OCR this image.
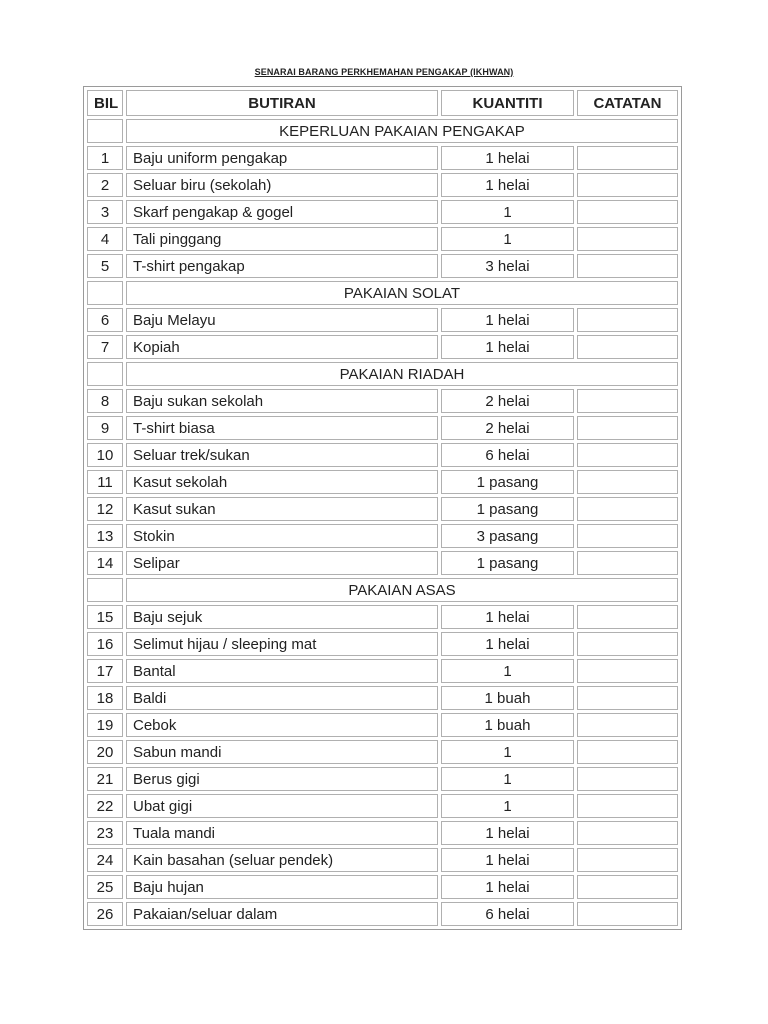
SENARAI BARANG PERKHEMAHAN PENGAKAP (IKHWAN)
BIL	BUTIRAN	KUANTITI	CATATAN
	KEPERLUAN PAKAIAN PENGAKAP		
1	Baju uniform pengakap	1 helai	
2	Seluar biru (sekolah)	1 helai	
3	Skarf pengakap & gogel	1	
4	Tali pinggang	1	
5	T-shirt pengakap	3 helai	
	PAKAIAN SOLAT		
6	Baju Melayu	1 helai	
7	Kopiah	1 helai	
	PAKAIAN RIADAH		
8	Baju sukan sekolah	2 helai	
9	T-shirt biasa	2 helai	
10	Seluar trek/sukan	6 helai	
11	Kasut sekolah	1 pasang	
12	Kasut sukan	1 pasang	
13	Stokin	3 pasang	
14	Selipar	1 pasang	
	PAKAIAN ASAS		
15	Baju sejuk	1 helai	
16	Selimut hijau / sleeping mat	1 helai	
17	Bantal	1	
18	Baldi	1 buah	
19	Cebok	1 buah	
20	Sabun mandi	1	
21	Berus gigi	1	
22	Ubat gigi	1	
23	Tuala mandi	1 helai	
24	Kain basahan (seluar pendek)	1 helai	
25	Baju hujan	1 helai	
26	Pakaian/seluar dalam	6 helai	
